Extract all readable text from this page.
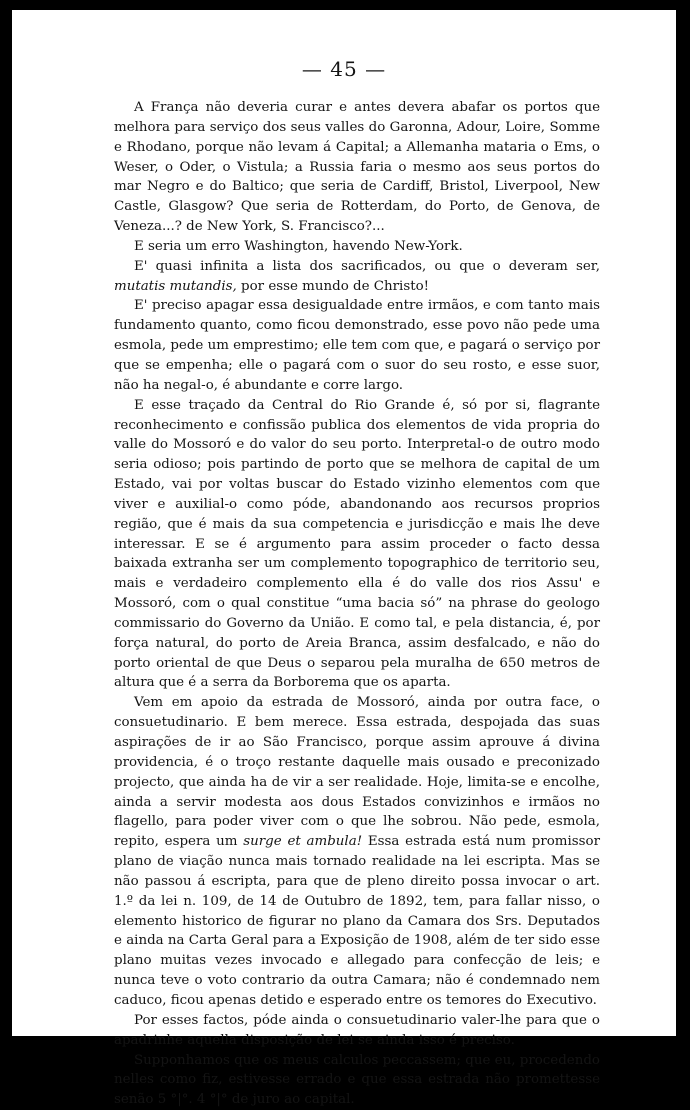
— 45 —

A França não deveria curar e antes devera abafar os portos que melhora para serviço dos seus valles do Garonna, Adour, Loire, Somme e Rhodano, porque não levam á Capital; a Allemanha mataria o Ems, o Weser, o Oder, o Vistula; a Russia faria o mesmo aos seus portos do mar Negro e do Baltico; que seria de Cardiff, Bristol, Liverpool, New Castle, Glasgow? Que seria de Rotterdam, do Porto, de Genova, de Veneza...? de New York, S. Francisco?...

E seria um erro Washington, havendo New-York.

E' quasi infinita a lista dos sacrificados, ou que o deveram ser, mutatis mutandis, por esse mundo de Christo!

E' preciso apagar essa desigualdade entre irmãos, e com tanto mais fundamento quanto, como ficou demonstrado, esse povo não pede uma esmola, pede um emprestimo; elle tem com que, e pagará o serviço por que se empenha; elle o pagará com o suor do seu rosto, e esse suor, não ha negal-o, é abundante e corre largo.

E esse traçado da Central do Rio Grande é, só por si, flagrante reconhecimento e confissão publica dos elementos de vida propria do valle do Mossoró e do valor do seu porto. Interpretal-o de outro modo seria odioso; pois partindo de porto que se melhora de capital de um Estado, vai por voltas buscar do Estado vizinho elementos com que viver e auxilial-o como póde, abandonando aos recursos proprios região, que é mais da sua competencia e jurisdicção e mais lhe deve interessar. E se é argumento para assim proceder o facto dessa baixada extranha ser um complemento topographico de territorio seu, mais e verdadeiro complemento ella é do valle dos rios Assu' e Mossoró, com o qual constitue “uma bacia só” na phrase do geologo commissario do Governo da União. E como tal, e pela distancia, é, por força natural, do porto de Areia Branca, assim desfalcado, e não do porto oriental de que Deus o separou pela muralha de 650 metros de altura que é a serra da Borborema que os aparta.

Vem em apoio da estrada de Mossoró, ainda por outra face, o consuetudinario. E bem merece. Essa estrada, despojada das suas aspirações de ir ao São Francisco, porque assim aprouve á divina providencia, é o troço restante daquelle mais ousado e preconizado projecto, que ainda ha de vir a ser realidade. Hoje, limita-se e encolhe, ainda a servir modesta aos dous Estados convizinhos e irmãos no flagello, para poder viver com o que lhe sobrou. Não pede, esmola, repito, espera um surge et ambula! Essa estrada está num promissor plano de viação nunca mais tornado realidade na lei escripta. Mas se não passou á escripta, para que de pleno direito possa invocar o art. 1.º da lei n. 109, de 14 de Outubro de 1892, tem, para fallar nisso, o elemento historico de figurar no plano da Camara dos Srs. Deputados e ainda na Carta Geral para a Exposição de 1908, além de ter sido esse plano muitas vezes invocado e allegado para confecção de leis; e nunca teve o voto contrario da outra Camara; não é condemnado nem caduco, ficou apenas detido e esperado entre os temores do Executivo.

Por esses factos, póde ainda o consuetudinario valer-lhe para que o apadrinhe aquella disposição de lei se ainda isso é preciso.

Supponhamos que os meus calculos peccassem; que eu, procedendo nelles como fiz, estivesse errado e que essa estrada não promettesse senão 5 °|°. 4 °|° de juro ao capital.
